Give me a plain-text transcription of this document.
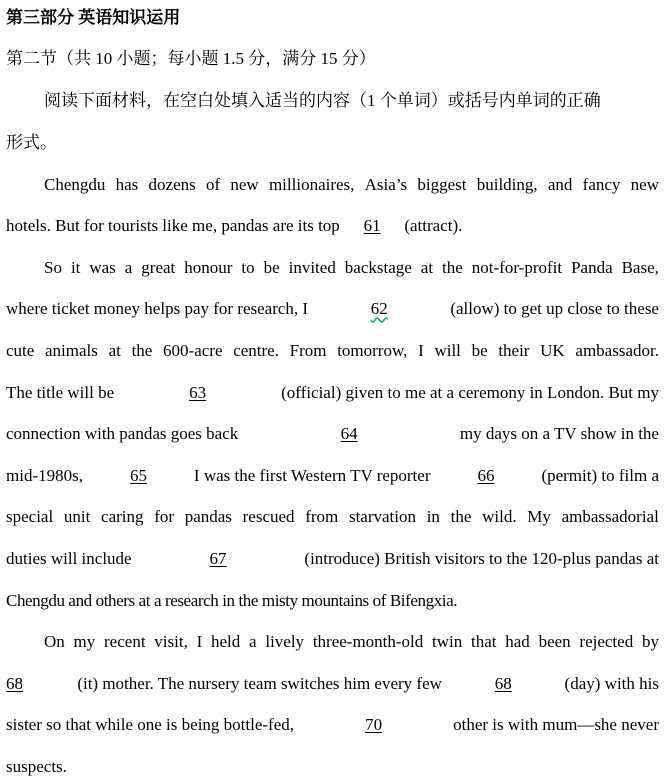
第三部分 英语知识运用
第二节（共 10 小题；每小题 1.5 分，满分 15 分）
阅读下面材料，在空白处填入适当的内容（1 个单词）或括号内单词的正确
形式。
Chengdu has dozens of new millionaires, Asia’s biggest building, and fancy new
hotels. But for tourists like me, pandas are its top 61 (attract).
So it was a great honour to be invited backstage at the not-for-profit Panda Base,
where ticket money helps pay for research, I	62	(allow) to get up close to these
cute animals at the 600-acre centre. From tomorrow, I will be their UK ambassador.
The title will be	63	(official) given to me at a ceremony in London. But my
connection with pandas goes back	64	my days on a TV show in the
mid-1980s,	65	I was the first Western TV reporter	66	(permit) to film a
special unit caring for pandas rescued from starvation in the wild. My ambassadorial
duties will include	67	(introduce) British visitors to the 120-plus pandas at
Chengdu and others at a research in the misty mountains of Bifengxia.
On my recent visit, I held a lively three-month-old twin that had been rejected by
68	(it) mother. The nursery team switches him every few	68	(day) with his
sister so that while one is being bottle-fed,	70	other is with mum—she never
suspects.
